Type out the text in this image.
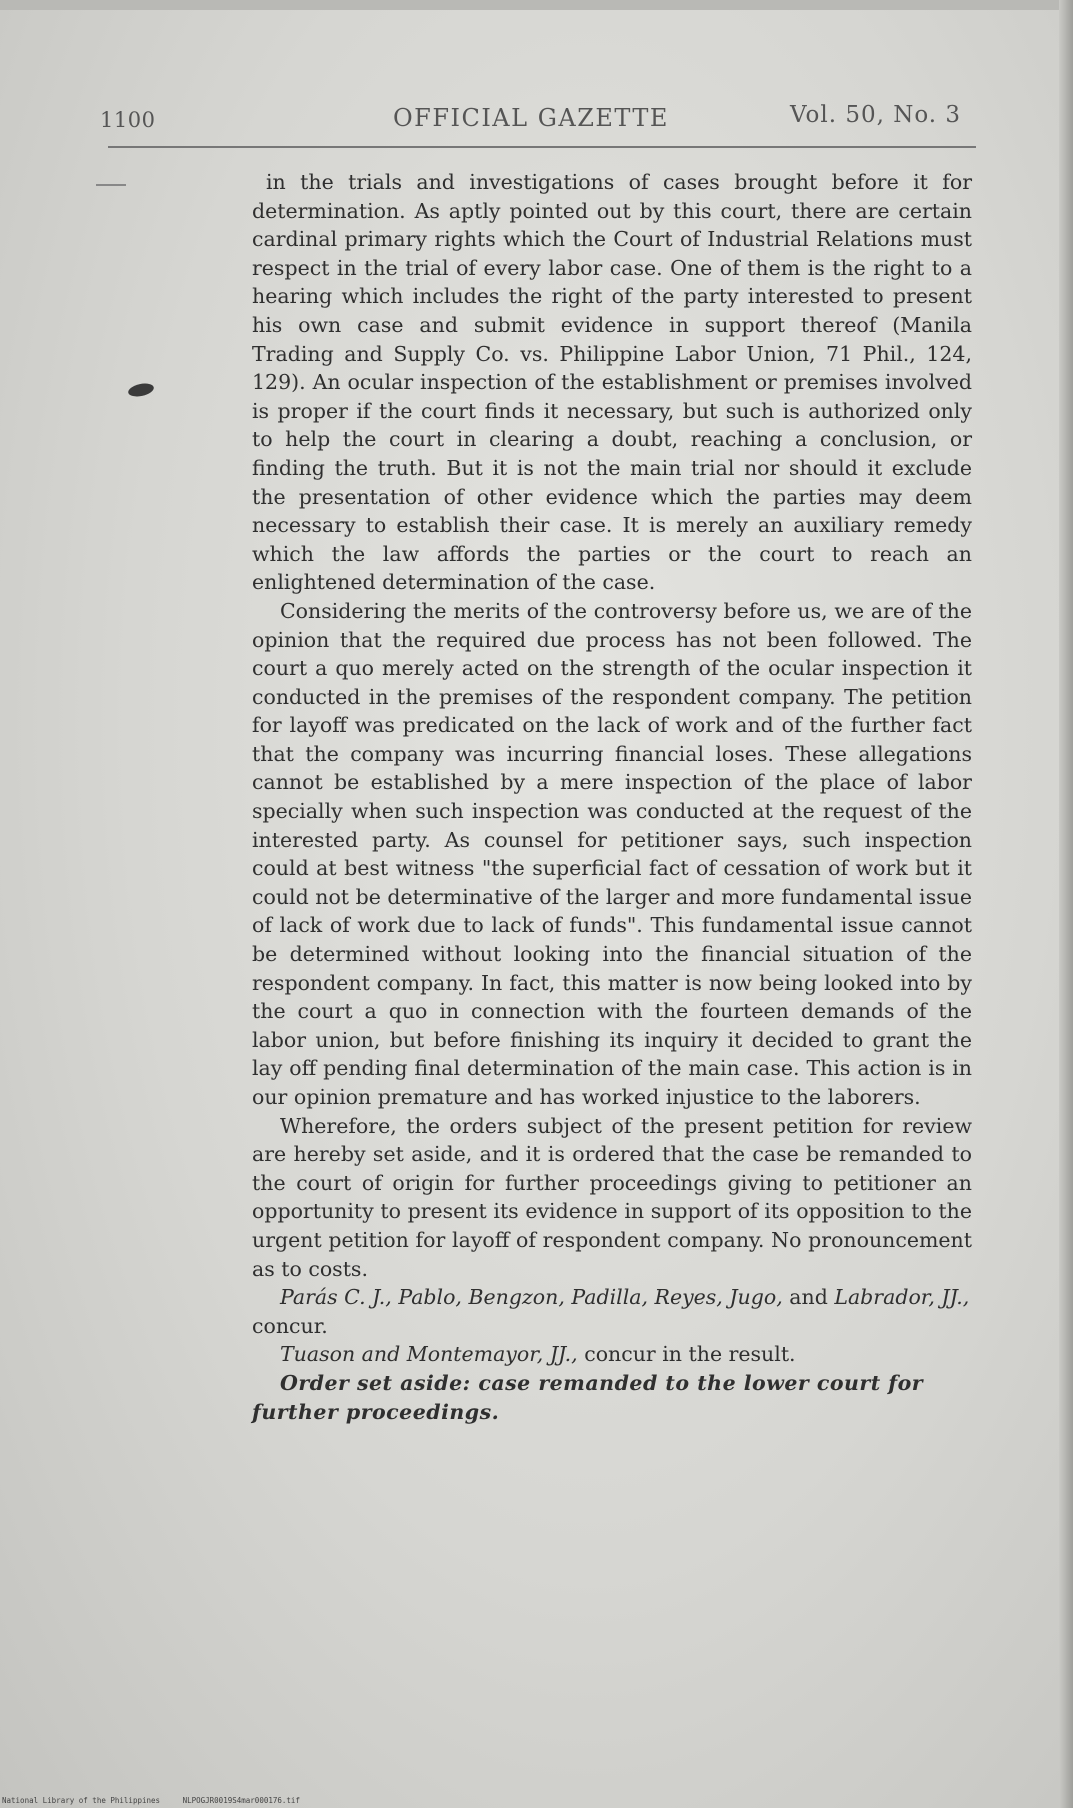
1100	OFFICIAL GAZETTE	Vol. 50, No. 3

in the trials and investigations of cases brought before it for determination. As aptly pointed out by this court, there are certain cardinal primary rights which the Court of Industrial Relations must respect in the trial of every labor case. One of them is the right to a hearing which includes the right of the party interested to present his own case and submit evidence in support thereof (Manila Trading and Supply Co. vs. Philippine Labor Union, 71 Phil., 124, 129). An ocular inspection of the establishment or premises involved is proper if the court finds it necessary, but such is authorized only to help the court in clearing a doubt, reaching a conclusion, or finding the truth. But it is not the main trial nor should it exclude the presentation of other evidence which the parties may deem necessary to establish their case. It is merely an auxiliary remedy which the law affords the parties or the court to reach an enlightened determination of the case.

Considering the merits of the controversy before us, we are of the opinion that the required due process has not been followed. The court a quo merely acted on the strength of the ocular inspection it conducted in the premises of the respondent company. The petition for layoff was predicated on the lack of work and of the further fact that the company was incurring financial loses. These allegations cannot be established by a mere inspection of the place of labor specially when such inspection was conducted at the request of the interested party. As counsel for petitioner says, such inspection could at best witness "the superficial fact of cessation of work but it could not be determinative of the larger and more fundamental issue of lack of work due to lack of funds". This fundamental issue cannot be determined without looking into the financial situation of the respondent company. In fact, this matter is now being looked into by the court a quo in connection with the fourteen demands of the labor union, but before finishing its inquiry it decided to grant the lay off pending final determination of the main case. This action is in our opinion premature and has worked injustice to the laborers.

Wherefore, the orders subject of the present petition for review are hereby set aside, and it is ordered that the case be remanded to the court of origin for further proceedings giving to petitioner an opportunity to present its evidence in support of its opposition to the urgent petition for layoff of respondent company. No pronouncement as to costs.

Parás C. J., Pablo, Bengzon, Padilla, Reyes, Jugo, and Labrador, JJ., concur.

Tuason and Montemayor, JJ., concur in the result.

Order set aside: case remanded to the lower court for further proceedings.

National Library of the Philippines	NLPOGJR0019S4mar000176.tif
